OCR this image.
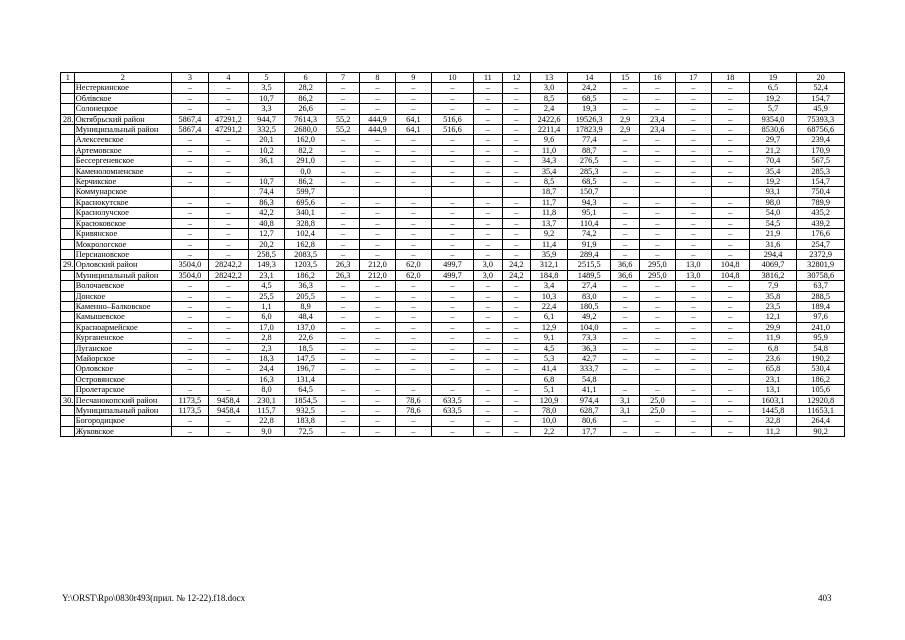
1	2	3	4	5	6	7	8	9	10	11	12	13	14	15	16	17	18	19	20
	Нестеркинское	–	–	3,5	28,2	–	–	–	–	–	–	3,0	24,2	–	–	–	–	6,5	52,4
	Облівское	–	–	10,7	86,2	–	–	–	–	–	–	8,5	68,5	–	–	–	–	19,2	154,7
	Солонецкое	–	–	3,3	26,6	–	–	–	–	–	–	2,4	19,3	–	–	–	–	5,7	45,9
28.	Октябрьский район	5867,4	47291,2	944,7	7614,3	55,2	444,9	64,1	516,6	–	–	2422,6	19526,3	2,9	23,4	–	–	9354,0	75393,3
	Муниципальный район	5867,4	47291,2	332,5	2680,0	55,2	444,9	64,1	516,6	–	–	2211,4	17823,9	2,9	23,4	–	–	8530,6	68756,6
	Алексеевское	–	–	20,1	162,0	–	–	–	–	–	–	9,6	77,4	–	–	–	–	29,7	239,4
	Артемовское	–	–	10,2	82,2	–	–	–	–	–	–	11,0	88,7	–	–	–	–	21,2	170,9
	Бессергеневское	–	–	36,1	291,0	–	–	–	–	–	–	34,3	276,5	–	–	–	–	70,4	567,5
	Каменоломненское	–	–		0,0	–	–	–	–	–	–	35,4	285,3	–	–	–	–	35,4	285,3
	Керчикское	–	–	10,7	86,2	–	–	–	–	–	–	8,5	68,5	–	–	–	–	19,2	154,7
	Коммунарское			74,4	599,7							18,7	150,7					93,1	750,4
	Краснокутское	–	–	86,3	695,6	–	–	–	–	–	–	11,7	94,3	–	–	–	–	98,0	789,9
	Краснолучское	–	–	42,2	340,1	–	–	–	–	–	–	11,8	95,1	–	–	–	–	54,0	435,2
	Красюковское	–	–	40,8	328,8	–	–	–	–	–	–	13,7	110,4	–	–	–	–	54,5	439,2
	Кривянское	–	–	12,7	102,4	–	–	–	–	–	–	9,2	74,2	–	–	–	–	21,9	176,6
	Мокрологское	–	–	20,2	162,8	–	–	–	–	–	–	11,4	91,9	–	–	–	–	31,6	254,7
	Персиановское	–	–	258,5	2083,5	–	–	–	–	–	–	35,9	289,4	–	–	–	–	294,4	2372,9
29.	Орловский район	3504,0	28242,2	149,3	1203,5	26,3	212,0	62,0	499,7	3,0	24,2	312,1	2515,5	36,6	295,0	13,0	104,8	4069,7	32801,9
	Муниципальный район	3504,0	28242,2	23,1	186,2	26,3	212,0	62,0	499,7	3,0	24,2	184,8	1489,5	36,6	295,0	13,0	104,8	3816,2	30758,6
	Волочаевское	–	–	4,5	36,3	–	–	–	–	–	–	3,4	27,4	–	–	–	–	7,9	63,7
	Донское	–	–	25,5	205,5	–	–	–	–	–	–	10,3	83,0	–	–	–	–	35,8	288,5
	Каменно–Балковское	–	–	1,1	8,9	–	–	–	–	–	–	22,4	180,5	–	–	–	–	23,5	189,4
	Камышевское	–	–	6,0	48,4	–	–	–	–	–	–	6,1	49,2	–	–	–	–	12,1	97,6
	Красноармейское	–	–	17,0	137,0	–	–	–	–	–	–	12,9	104,0	–	–	–	–	29,9	241,0
	Курганенское	–	–	2,8	22,6	–	–	–	–	–	–	9,1	73,3	–	–	–	–	11,9	95,9
	Луганское	–	–	2,3	18,5	–	–	–	–	–	–	4,5	36,3	–	–	–	–	6,8	54,8
	Майорское	–	–	18,3	147,5	–	–	–	–	–	–	5,3	42,7	–	–	–	–	23,6	190,2
	Орловское	–	–	24,4	196,7	–	–	–	–	–	–	41,4	333,7	–	–	–	–	65,8	530,4
	Островянское			16,3	131,4							6,8	54,8					23,1	186,2
	Пролетарское	–	–	8,0	64,5	–	–	–	–	–	–	5,1	41,1	–	–	–	–	13,1	105,6
30.	Песчанокопский район	1173,5	9458,4	230,1	1854,5	–	–	78,6	633,5	–	–	120,9	974,4	3,1	25,0	–	–	1603,1	12920,8
	Муниципальный район	1173,5	9458,4	115,7	932,5	–	–	78,6	633,5	–	–	78,0	628,7	3,1	25,0	–	–	1445,8	11653,1
	Богородицкое	–	–	22,8	183,8	–	–	–	–	–	–	10,0	80,6	–	–	–	–	32,8	264,4
	Жуковское	–	–	9,0	72,5	–	–	–	–	–	–	2,2	17,7	–	–	–	–	11,2	90,2
Y:\ORST\Rpo\0830r493(прил. № 12-22).f18.docx	403
